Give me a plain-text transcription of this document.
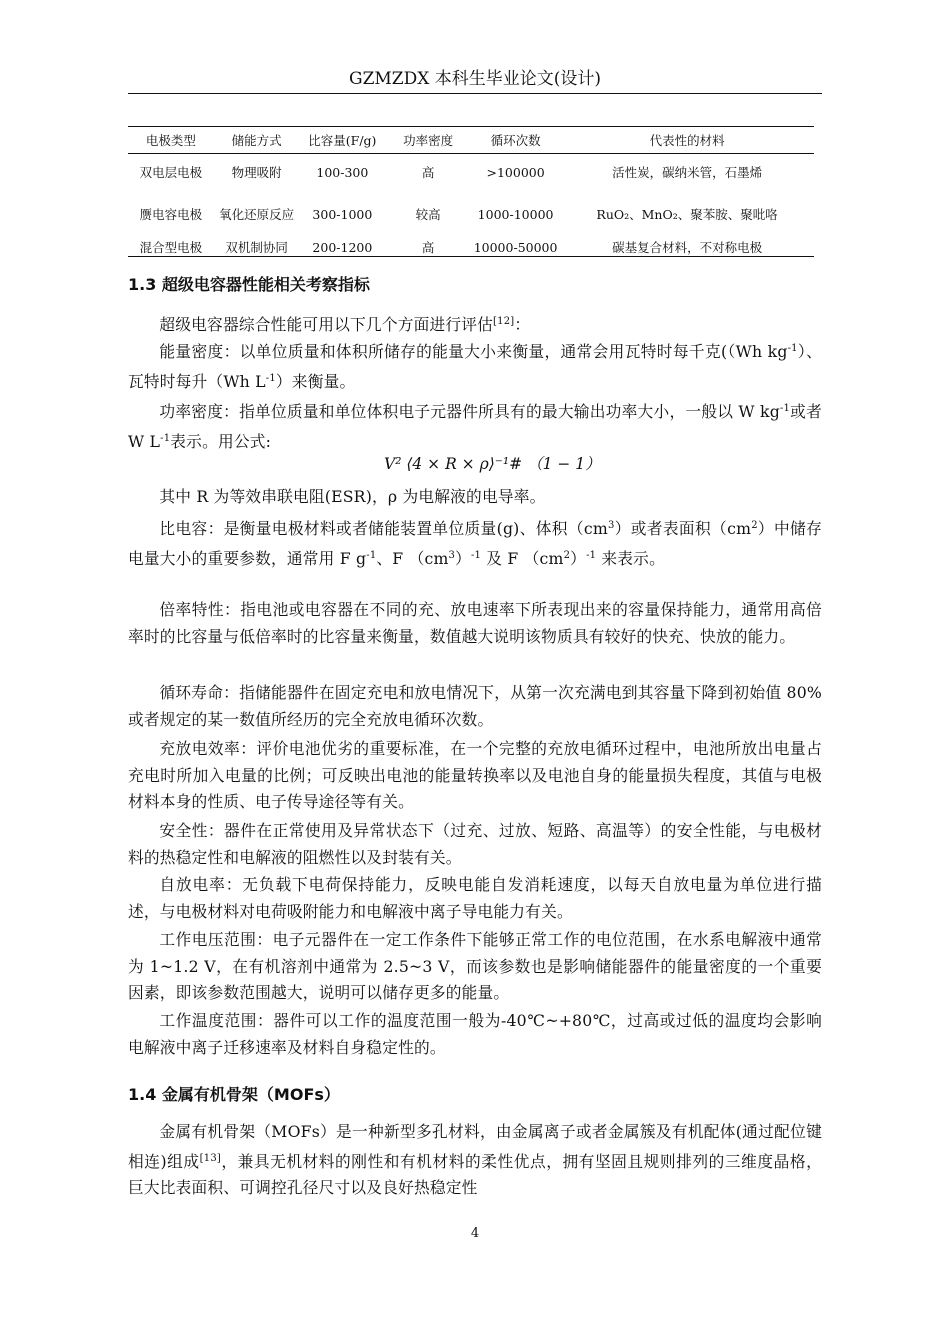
GZMZDX 本科生毕业论文(设计)
电极类型	储能方式	比容量(F/g)	功率密度	循环次数	代表性的材料
双电层电极	物理吸附	100-300	高	>100000	活性炭，碳纳米管，石墨烯
赝电容电极	氧化还原反应	300-1000	较高	1000-10000	RuO₂、MnO₂、聚苯胺、聚吡咯
混合型电极	双机制协同	200-1200	高	10000-50000	碳基复合材料，不对称电极
1.3 超级电容器性能相关考察指标

超级电容器综合性能可用以下几个方面进行评估[12]：

能量密度：以单位质量和体积所储存的能量大小来衡量，通常会用瓦特时每千克(（Wh $kg^{-1}$）、瓦特时每升（Wh $L^{-1}$）来衡量。

功率密度：指单位质量和单位体积电子元器件所具有的最大输出功率大小，一般以 W $kg^{-1}$或者 W $L^{-1}$表示。用公式:

V² ⟨4 × R × ρ⟩⁻¹# （1 − 1）

其中 R 为等效串联电阻(ESR)，ρ 为电解液的电导率。

比电容：是衡量电极材料或者储能装置单位质量(g)、体积$(cm^3)$或者表面积$(cm^2)$中储存电量大小的重要参数，通常用 F $g^{-1}$、F $(cm^3)^{-1}$ 及 F $(cm^2)^{-1}$ 来表示。

倍率特性：指电池或电容器在不同的充、放电速率下所表现出来的容量保持能力，通常用高倍率时的比容量与低倍率时的比容量来衡量，数值越大说明该物质具有较好的快充、快放的能力。

循环寿命：指储能器件在固定充电和放电情况下，从第一次充满电到其容量下降到初始值 80%或者规定的某一数值所经历的完全充放电循环次数。

充放电效率：评价电池优劣的重要标准，在一个完整的充放电循环过程中，电池所放出电量占充电时所加入电量的比例；可反映出电池的能量转换率以及电池自身的能量损失程度，其值与电极材料本身的性质、电子传导途径等有关。

安全性：器件在正常使用及异常状态下（过充、过放、短路、高温等）的安全性能，与电极材料的热稳定性和电解液的阻燃性以及封装有关。

自放电率：无负载下电荷保持能力，反映电能自发消耗速度，以每天自放电量为单位进行描述，与电极材料对电荷吸附能力和电解液中离子导电能力有关。

工作电压范围：电子元器件在一定工作条件下能够正常工作的电位范围，在水系电解液中通常为 1~1.2 V，在有机溶剂中通常为 2.5~3 V，而该参数也是影响储能器件的能量密度的一个重要因素，即该参数范围越大，说明可以储存更多的能量。

工作温度范围：器件可以工作的温度范围一般为-40℃~+80℃，过高或过低的温度均会影响电解液中离子迁移速率及材料自身稳定性的。

1.4 金属有机骨架（MOFs）

金属有机骨架（MOFs）是一种新型多孔材料，由金属离子或者金属簇及有机配体(通过配位键相连)组成[13]，兼具无机材料的刚性和有机材料的柔性优点，拥有坚固且规则排列的三维度晶格，巨大比表面积、可调控孔径尺寸以及良好热稳定性

4
